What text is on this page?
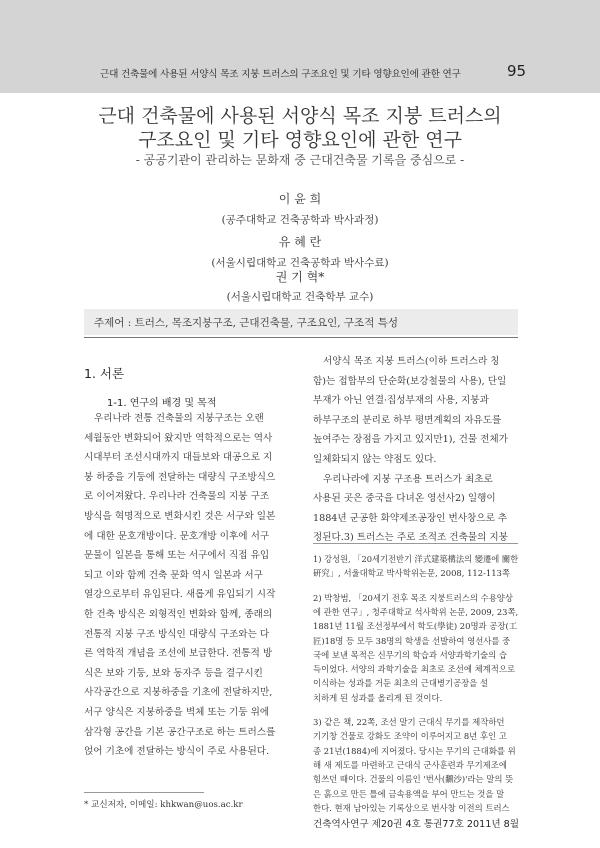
근대 건축물에 사용된 서양식 목조 지붕 트러스의 구조요인 및 기타 영향요인에 관한 연구	95
근대 건축물에 사용된 서양식 목조 지붕 트러스의
구조요인 및 기타 영향요인에 관한 연구
- 공공기관이 관리하는 문화재 중 근대건축물 기록을 중심으로 -
이 윤 희
(공주대학교 건축공학과 박사과정)
유 혜 란
(서울시립대학교 건축공학과 박사수료)
권 기 혁*
(서울시립대학교 건축학부 교수)
주제어 : 트러스, 목조지붕구조, 근대건축물, 구조요인, 구조적 특성
1. 서론
1-1. 연구의 배경 및 목적
우리나라 전통 건축물의 지붕구조는 오랜
세월동안 변화되어 왔지만 역학적으로는 역사
시대부터 조선시대까지 대들보와 대공으로 지
붕 하중을 기둥에 전달하는 대량식 구조방식으
로 이어져왔다. 우리나라 건축물의 지붕 구조
방식을 혁명적으로 변화시킨 것은 서구와 일본
에 대한 문호개방이다. 문호개방 이후에 서구
문물이 일본을 통해 또는 서구에서 직접 유입
되고 이와 함께 건축 문화 역시 일본과 서구
열강으로부터 유입된다. 새롭게 유입되기 시작
한 건축 방식은 외형적인 변화와 함께, 종래의
전통적 지붕 구조 방식인 대량식 구조와는 다
른 역학적 개념을 조선에 보급한다. 전통적 방
식은 보와 기둥, 보와 동자주 등을 결구시킨
사각공간으로 지붕하중을 기초에 전달하지만,
서구 양식은 지붕하중을 벽체 또는 기둥 위에
삼각형 공간을 기본 공간구조로 하는 트러스를
얹어 기초에 전달하는 방식이 주로 사용된다.
서양식 목조 지붕 트러스(이하 트러스라 칭
함)는 접합부의 단순화(보강철물의 사용), 단일
부재가 아닌 연결·집성부재의 사용, 지붕과
하부구조의 분리로 하부 평면계획의 자유도를
높여주는 장점을 가지고 있지만1), 건물 전체가
일체화되지 않는 약점도 있다.
우리나라에 지붕 구조용 트러스가 최초로
사용된 곳은 중국을 다녀온 영선사2) 일행이
1884년 군공한 화약제조공장인 번사창으로 추
정된다.3) 트러스는 주로 조적조 건축물의 지붕
1) 강성원, 「20세기전반기 洋式建築構法의 變遷에 關한
硏究」, 서울대학교 박사학위논문, 2008, 112-113쪽
2) 박창범, 「20세기 전후 목조 지붕트러스의 수용양상
에 관한 연구」, 청주대학교 석사학위 논문, 2009, 23쪽,
1881년 11월 조선정부에서 학도(學徒) 20명과 공장(工
匠)18명 등 모두 38명의 학생을 선발하여 영선사를 중
국에 보낸 목적은 신무기의 학습과 서양과학기술의 습
득이었다. 서양의 과학기술을 최초로 조선에 체계적으로
이식하는 성과를 거둔 최초의 근대병기공장을 설
치하게 된 성과를 올리게 된 것이다.
3) 같은 책, 22쪽, 조선 말기 근대식 무기를 제작하던
기기창 건물로 강화도 조약이 이루어지고 8년 후인 고
종 21년(1884)에 지어졌다. 당시는 무기의 근대화를 위
해 새 제도를 마련하고 근대식 군사훈련과 무기제조에
힘쓰던 때이다. 건물의 이름인 '번사(飜沙)'라는 말의 뜻
은 흙으로 만든 틀에 금속용액을 부어 만드는 것을 말
한다. 현재 남아있는 기록상으로 번사창 이전의 트러스
* 교신저자, 이메일: khkwan@uos.ac.kr
건축역사연구 제20권 4호 통권77호 2011년 8월
